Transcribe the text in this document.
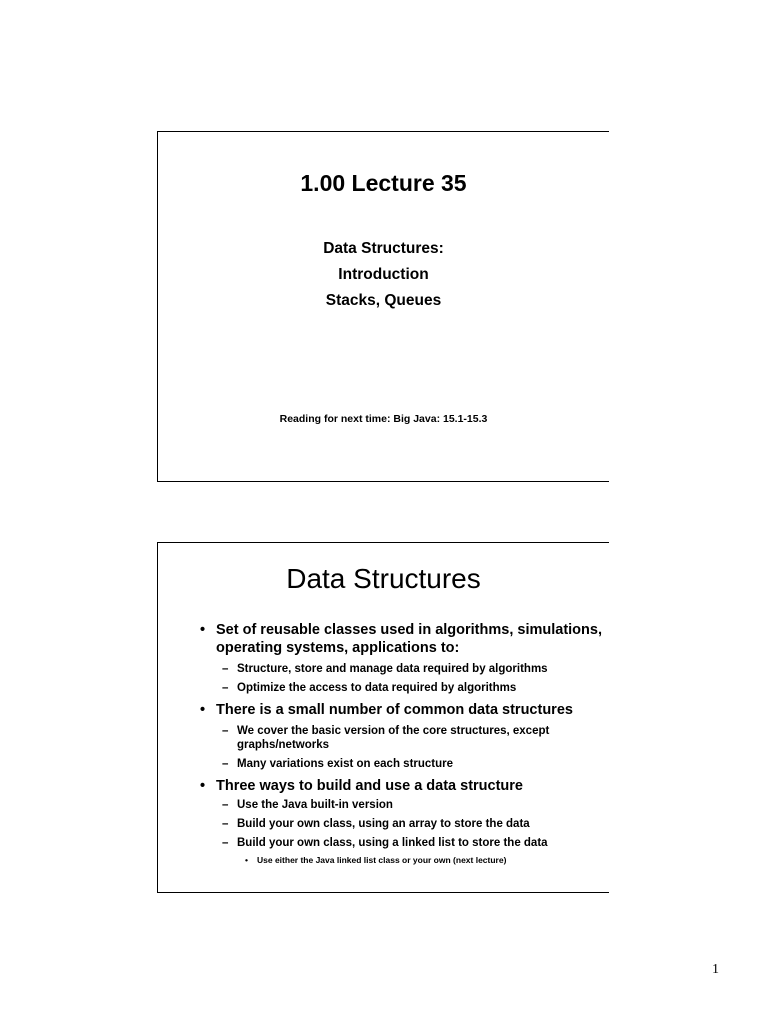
1.00 Lecture 35
Data Structures:
Introduction
Stacks, Queues
Reading for next time: Big Java: 15.1-15.3
Data Structures
• Set of reusable classes used in algorithms, simulations, operating systems, applications to:
– Structure, store and manage data required by algorithms
– Optimize the access to data required by algorithms
• There is a small number of common data structures
– We cover the basic version of the core structures, except graphs/networks
– Many variations exist on each structure
• Three ways to build and use a data structure
– Use the Java built-in version
– Build your own class, using an array to store the data
– Build your own class, using a linked list to store the data
• Use either the Java linked list class or your own (next lecture)
1
